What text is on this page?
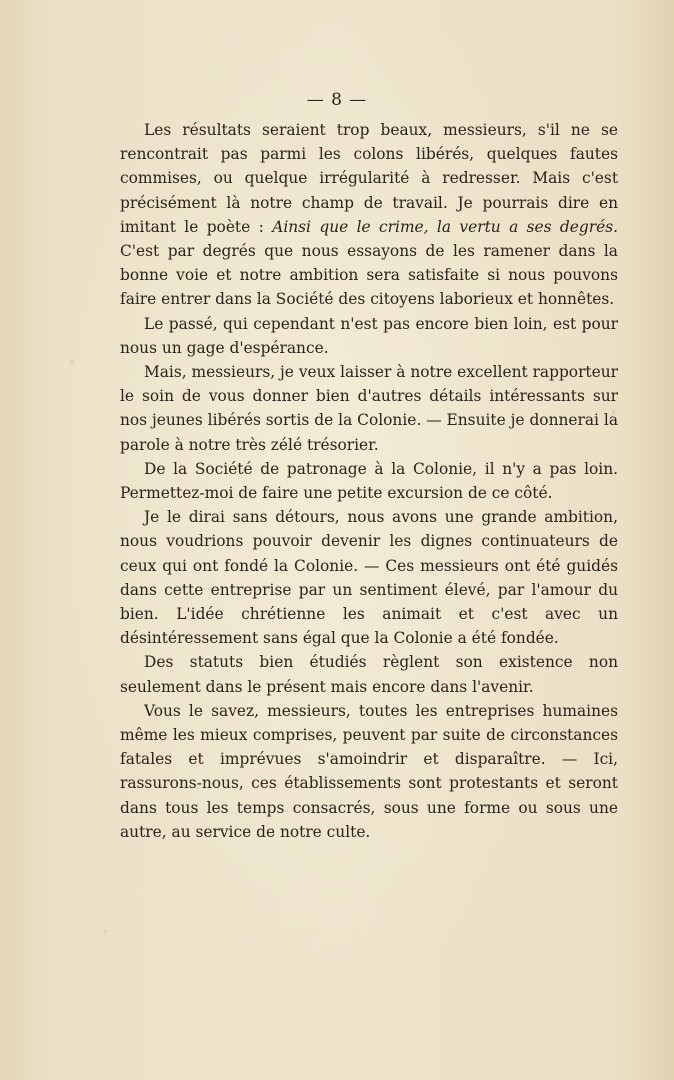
— 8 —

Les résultats seraient trop beaux, messieurs, s'il ne se rencontrait pas parmi les colons libérés, quelques fautes commises, ou quelque irrégularité à redresser. Mais c'est précisément là notre champ de travail. Je pourrais dire en imitant le poète : Ainsi que le crime, la vertu a ses degrés. C'est par degrés que nous essayons de les ramener dans la bonne voie et notre ambition sera satisfaite si nous pouvons faire entrer dans la Société des citoyens laborieux et honnêtes.

Le passé, qui cependant n'est pas encore bien loin, est pour nous un gage d'espérance.

Mais, messieurs, je veux laisser à notre excellent rapporteur le soin de vous donner bien d'autres détails intéressants sur nos jeunes libérés sortis de la Colonie. — Ensuite je donnerai la parole à notre très zélé trésorier.

De la Société de patronage à la Colonie, il n'y a pas loin. Permettez-moi de faire une petite excursion de ce côté.

Je le dirai sans détours, nous avons une grande ambition, nous voudrions pouvoir devenir les dignes continuateurs de ceux qui ont fondé la Colonie. — Ces messieurs ont été guidés dans cette entreprise par un sentiment élevé, par l'amour du bien. L'idée chrétienne les animait et c'est avec un désintéressement sans égal que la Colonie a été fondée.

Des statuts bien étudiés règlent son existence non seulement dans le présent mais encore dans l'avenir.

Vous le savez, messieurs, toutes les entreprises humaines même les mieux comprises, peuvent par suite de circonstances fatales et imprévues s'amoindrir et disparaître. — Ici, rassurons-nous, ces établissements sont protestants et seront dans tous les temps consacrés, sous une forme ou sous une autre, au service de notre culte.
